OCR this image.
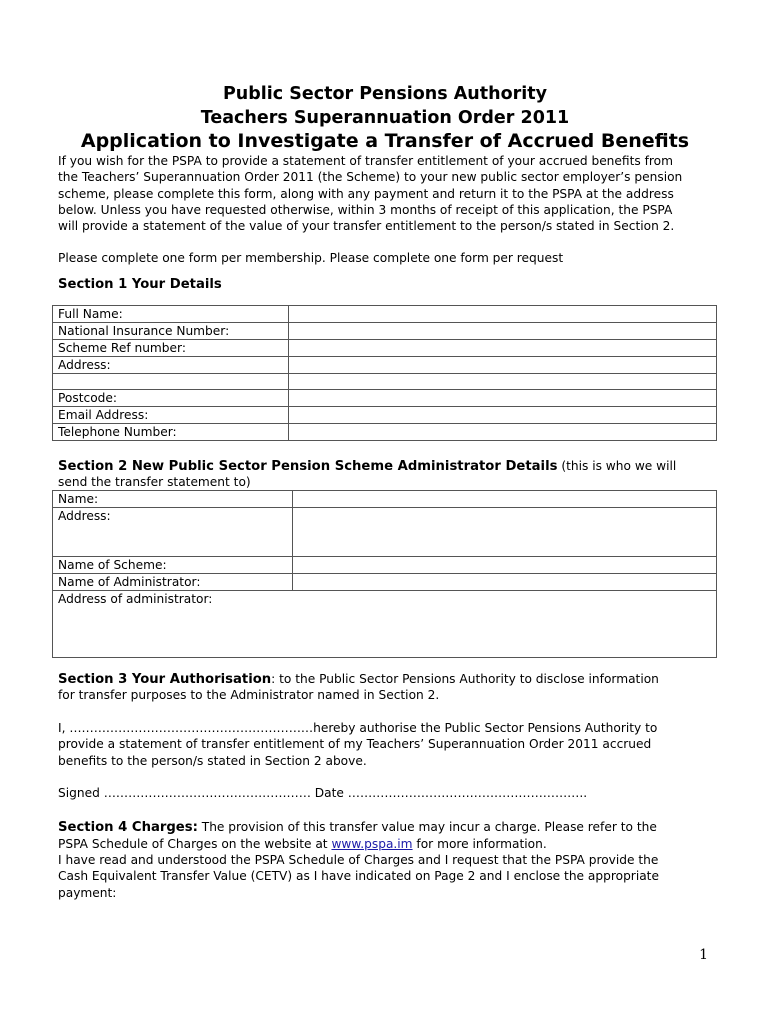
Public Sector Pensions Authority
Teachers Superannuation Order 2011
Application to Investigate a Transfer of Accrued Benefits
If you wish for the PSPA to provide a statement of transfer entitlement of your accrued benefits from
the Teachers’ Superannuation Order 2011 (the Scheme) to your new public sector employer’s pension
scheme, please complete this form, along with any payment and return it to the PSPA at the address
below. Unless you have requested otherwise, within 3 months of receipt of this application, the PSPA
will provide a statement of the value of your transfer entitlement to the person/s stated in Section 2.
Please complete one form per membership. Please complete one form per request
Section 1 Your Details
Full Name:
National Insurance Number:
Scheme Ref number:
Address:
Postcode:
Email Address:
Telephone Number:
Section 2 New Public Sector Pension Scheme Administrator Details (this is who we will
send the transfer statement to)
Name:
Address:
Name of Scheme:
Name of Administrator:
Address of administrator:
Section 3 Your Authorisation: to the Public Sector Pensions Authority to disclose information
for transfer purposes to the Administrator named in Section 2.
I, ……………………………………………………hereby authorise the Public Sector Pensions Authority to
provide a statement of transfer entitlement of my Teachers’ Superannuation Order 2011 accrued
benefits to the person/s stated in Section 2 above.
Signed …………………………………………… Date …………………………………………………..
Section 4 Charges: The provision of this transfer value may incur a charge. Please refer to the
PSPA Schedule of Charges on the website at www.pspa.im for more information.
I have read and understood the PSPA Schedule of Charges and I request that the PSPA provide the
Cash Equivalent Transfer Value (CETV) as I have indicated on Page 2 and I enclose the appropriate
payment:
1
